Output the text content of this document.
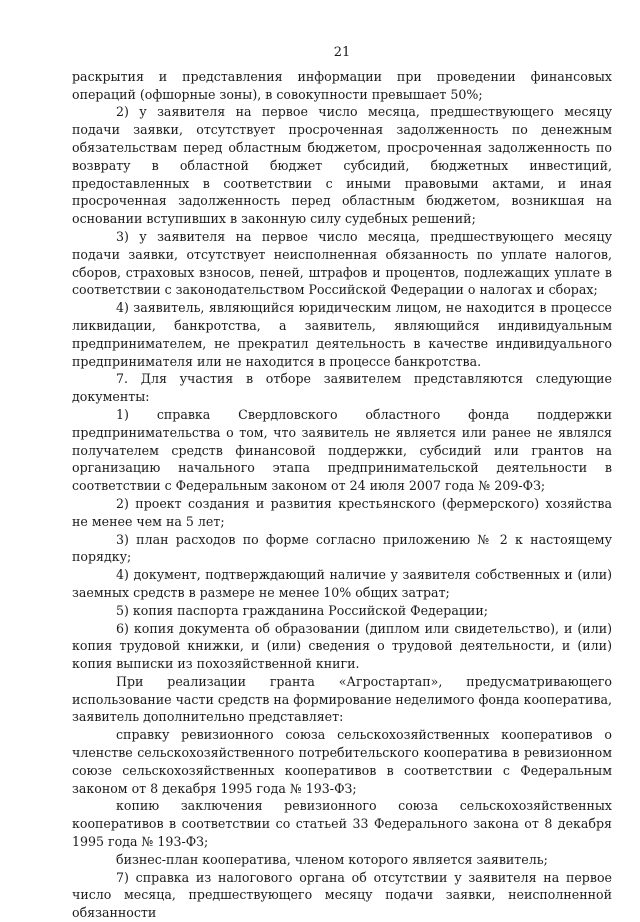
21

раскрытия и представления информации при проведении финансовых операций (офшорные зоны), в совокупности превышает 50%;

2) у заявителя на первое число месяца, предшествующего месяцу подачи заявки, отсутствует просроченная задолженность по денежным обязательствам перед областным бюджетом, просроченная задолженность по возврату в областной бюджет субсидий, бюджетных инвестиций, предоставленных в соответствии с иными правовыми актами, и иная просроченная задолженность перед областным бюджетом, возникшая на основании вступивших в законную силу судебных решений;

3) у заявителя на первое число месяца, предшествующего месяцу подачи заявки, отсутствует неисполненная обязанность по уплате налогов, сборов, страховых взносов, пеней, штрафов и процентов, подлежащих уплате в соответствии с законодательством Российской Федерации о налогах и сборах;

4) заявитель, являющийся юридическим лицом, не находится в процессе ликвидации, банкротства, а заявитель, являющийся индивидуальным предпринимателем, не прекратил деятельность в качестве индивидуального предпринимателя или не находится в процессе банкротства.

7. Для участия в отборе заявителем представляются следующие документы:

1) справка Свердловского областного фонда поддержки предпринимательства о том, что заявитель не является или ранее не являлся получателем средств финансовой поддержки, субсидий или грантов на организацию начального этапа предпринимательской деятельности в соответствии с Федеральным законом от 24 июля 2007 года № 209-ФЗ;

2) проект создания и развития крестьянского (фермерского) хозяйства не менее чем на 5 лет;

3) план расходов по форме согласно приложению № 2 к настоящему порядку;

4) документ, подтверждающий наличие у заявителя собственных и (или) заемных средств в размере не менее 10% общих затрат;

5) копия паспорта гражданина Российской Федерации;

6) копия документа об образовании (диплом или свидетельство), и (или) копия трудовой книжки, и (или) сведения о трудовой деятельности, и (или) копия выписки из похозяйственной книги.

При реализации гранта «Агростартап», предусматривающего использование части средств на формирование неделимого фонда кооператива, заявитель дополнительно представляет:

справку ревизионного союза сельскохозяйственных кооперативов о членстве сельскохозяйственного потребительского кооператива в ревизионном союзе сельскохозяйственных кооперативов в соответствии с Федеральным законом от 8 декабря 1995 года № 193-ФЗ;

копию заключения ревизионного союза сельскохозяйственных кооперативов в соответствии со статьей 33 Федерального закона от 8 декабря 1995 года № 193-ФЗ;

бизнес-план кооператива, членом которого является заявитель;

7) справка из налогового органа об отсутствии у заявителя на первое число месяца, предшествующего месяцу подачи заявки, неисполненной обязанности
